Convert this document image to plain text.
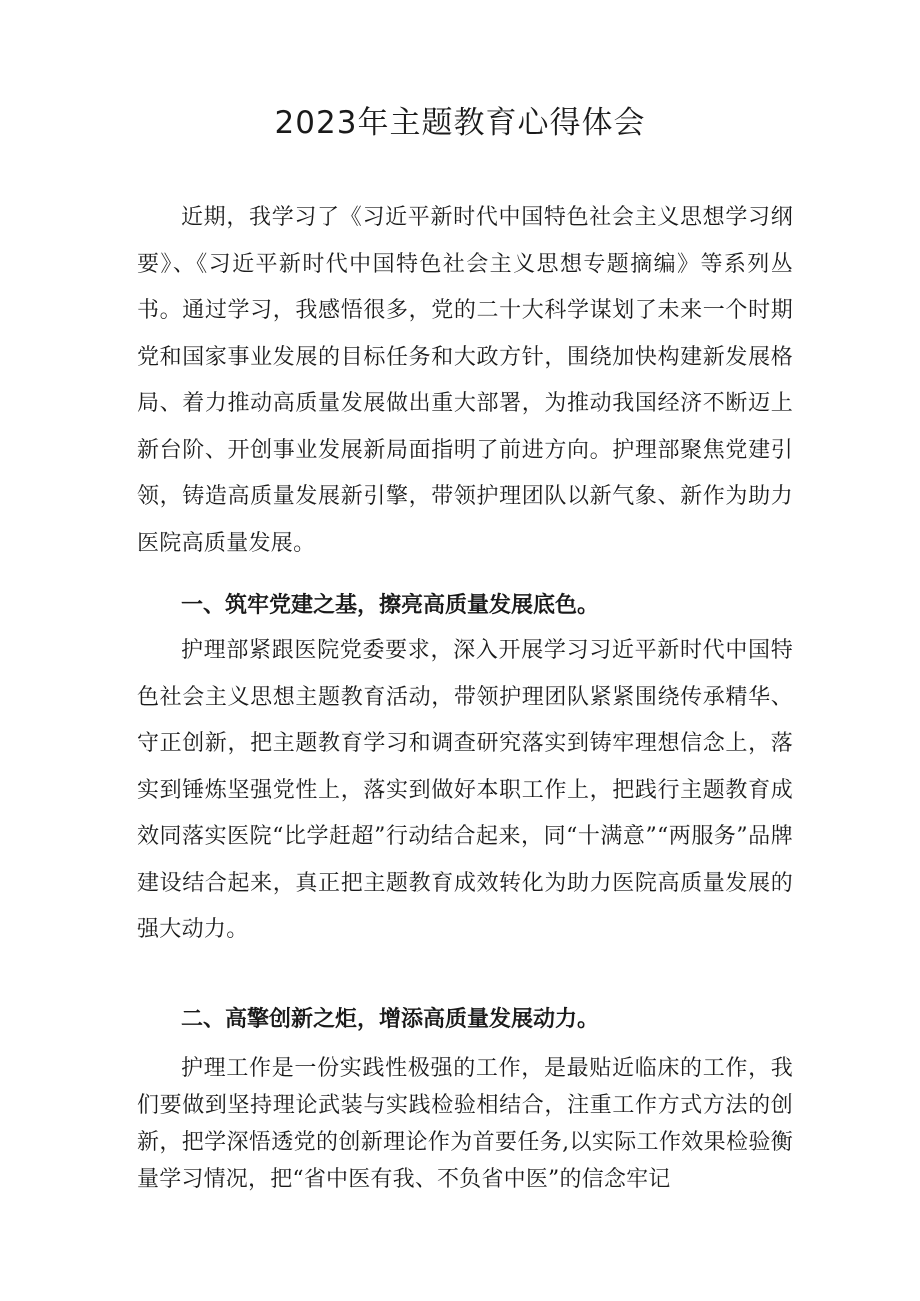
2023年主题教育心得体会

近期，我学习了《习近平新时代中国特色社会主义思想学习纲要》、《习近平新时代中国特色社会主义思想专题摘编》等系列丛书。通过学习，我感悟很多，党的二十大科学谋划了未来一个时期党和国家事业发展的目标任务和大政方针，围绕加快构建新发展格局、着力推动高质量发展做出重大部署，为推动我国经济不断迈上新台阶、开创事业发展新局面指明了前进方向。护理部聚焦党建引领，铸造高质量发展新引擎，带领护理团队以新气象、新作为助力医院高质量发展。

一、筑牢党建之基，擦亮高质量发展底色。

护理部紧跟医院党委要求，深入开展学习习近平新时代中国特色社会主义思想主题教育活动，带领护理团队紧紧围绕传承精华、守正创新，把主题教育学习和调查研究落实到铸牢理想信念上，落实到锤炼坚强党性上，落实到做好本职工作上，把践行主题教育成效同落实医院“比学赶超”行动结合起来，同“十满意”“两服务”品牌建设结合起来，真正把主题教育成效转化为助力医院高质量发展的强大动力。

二、高擎创新之炬，增添高质量发展动力。

护理工作是一份实践性极强的工作，是最贴近临床的工作，我们要做到坚持理论武装与实践检验相结合，注重工作方式方法的创新，把学深悟透党的创新理论作为首要任务,以实际工作效果检验衡量学习情况，把“省中医有我、不负省中医”的信念牢记
